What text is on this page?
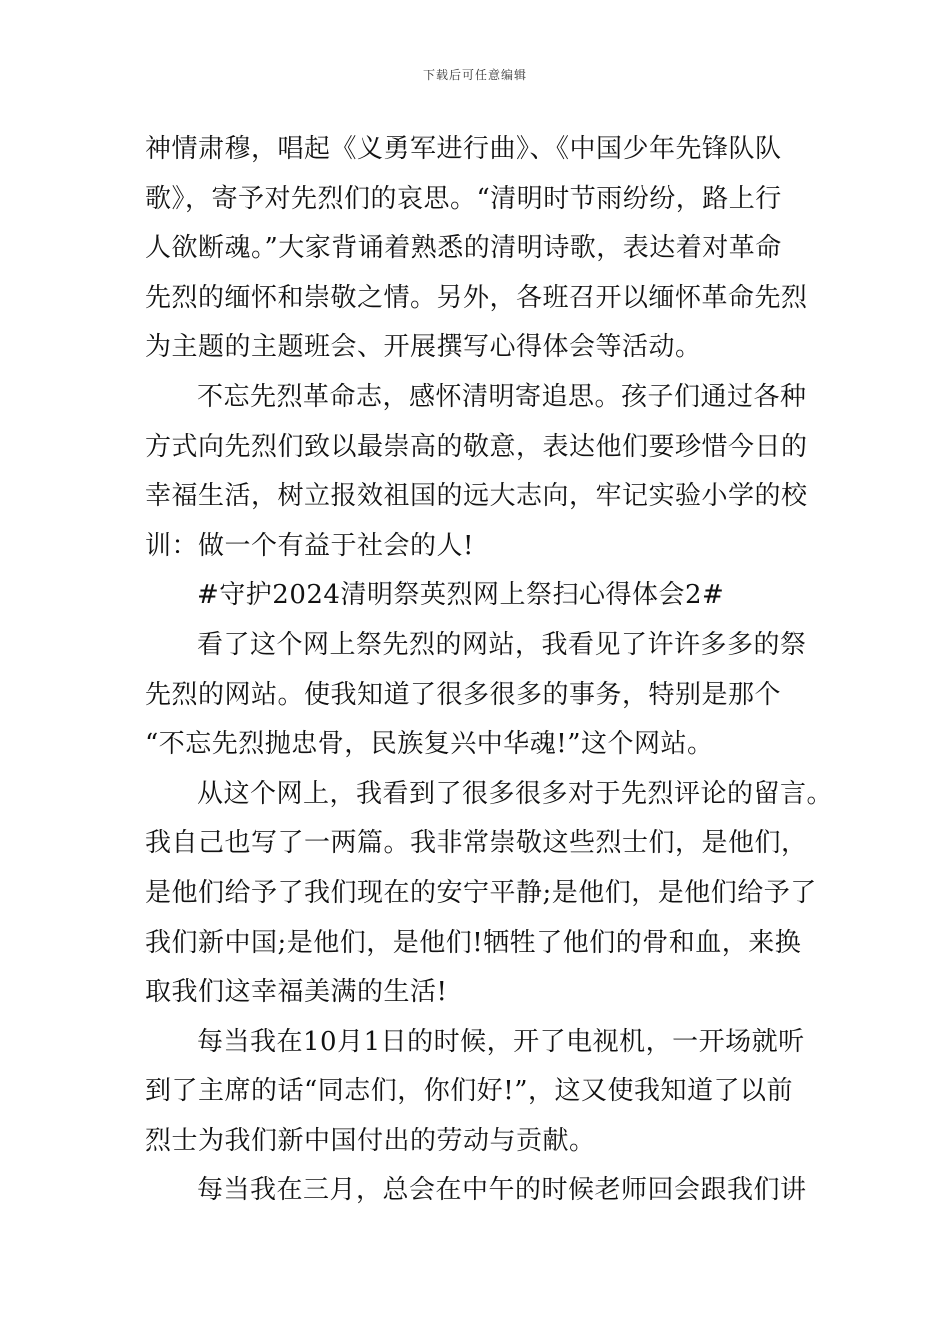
下载后可任意编辑
神情肃穆，唱起《义勇军进行曲》、《中国少年先锋队队
歌》，寄予对先烈们的哀思。“清明时节雨纷纷，路上行
人欲断魂。”大家背诵着熟悉的清明诗歌，表达着对革命
先烈的缅怀和崇敬之情。另外，各班召开以缅怀革命先烈
为主题的主题班会、开展撰写心得体会等活动。
不忘先烈革命志，感怀清明寄追思。孩子们通过各种
方式向先烈们致以最崇高的敬意，表达他们要珍惜今日的
幸福生活，树立报效祖国的远大志向，牢记实验小学的校
训：做一个有益于社会的人!
#守护2024清明祭英烈网上祭扫心得体会2#
看了这个网上祭先烈的网站，我看见了许许多多的祭
先烈的网站。使我知道了很多很多的事务，特别是那个
“不忘先烈抛忠骨，民族复兴中华魂!”这个网站。
从这个网上，我看到了很多很多对于先烈评论的留言。
我自己也写了一两篇。我非常崇敬这些烈士们，是他们，
是他们给予了我们现在的安宁平静;是他们，是他们给予了
我们新中国;是他们，是他们!牺牲了他们的骨和血，来换
取我们这幸福美满的生活!
每当我在10月1日的时候，开了电视机，一开场就听
到了主席的话“同志们，你们好!”，这又使我知道了以前
烈士为我们新中国付出的劳动与贡献。
每当我在三月，总会在中午的时候老师回会跟我们讲
